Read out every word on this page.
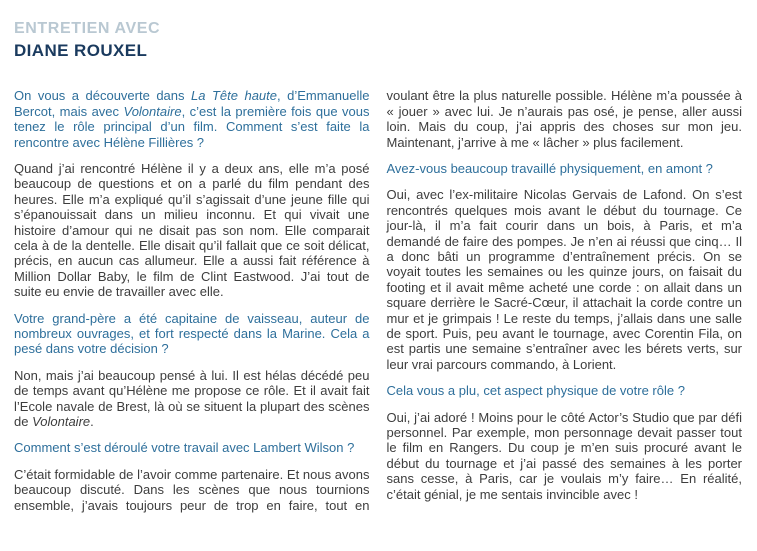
ENTRETIEN AVEC
DIANE ROUXEL

On vous a découverte dans La Tête haute, d’Emmanuelle Bercot, mais avec Volontaire, c’est la première fois que vous tenez le rôle principal d’un film. Comment s’est faite la rencontre avec Hélène Fillières ?

Quand j’ai rencontré Hélène il y a deux ans, elle m’a posé beaucoup de questions et on a parlé du film pendant des heures. Elle m’a expliqué qu’il s’agissait d’une jeune fille qui s’épanouissait dans un milieu inconnu. Et qui vivait une histoire d’amour qui ne disait pas son nom. Elle comparait cela à de la dentelle. Elle disait qu’il fallait que ce soit délicat, précis, en aucun cas allumeur. Elle a aussi fait référence à Million Dollar Baby, le film de Clint Eastwood. J’ai tout de suite eu envie de travailler avec elle.

Votre grand-père a été capitaine de vaisseau, auteur de nombreux ouvrages, et fort respecté dans la Marine. Cela a pesé dans votre décision ?

Non, mais j’ai beaucoup pensé à lui. Il est hélas décédé peu de temps avant qu’Hélène me propose ce rôle. Et il avait fait l’Ecole navale de Brest, là où se situent la plupart des scènes de Volontaire.

Comment s’est déroulé votre travail avec Lambert Wilson ?

C’était formidable de l’avoir comme partenaire. Et nous avons beaucoup discuté. Dans les scènes que nous tournions ensemble, j’avais toujours peur de trop en faire, tout en

voulant être la plus naturelle possible. Hélène m’a poussée à « jouer » avec lui. Je n’aurais pas osé, je pense, aller aussi loin. Mais du coup, j’ai appris des choses sur mon jeu. Maintenant, j’arrive à me « lâcher » plus facilement.

Avez-vous beaucoup travaillé physiquement, en amont ?

Oui, avec l’ex-militaire Nicolas Gervais de Lafond. On s’est rencontrés quelques mois avant le début du tournage. Ce jour-là, il m’a fait courir dans un bois, à Paris, et m’a demandé de faire des pompes. Je n’en ai réussi que cinq… Il a donc bâti un programme d’entraînement précis. On se voyait toutes les semaines ou les quinze jours, on faisait du footing et il avait même acheté une corde : on allait dans un square derrière le Sacré-Cœur, il attachait la corde contre un mur et je grimpais ! Le reste du temps, j’allais dans une salle de sport. Puis, peu avant le tournage, avec Corentin Fila, on est partis une semaine s’entraîner avec les bérets verts, sur leur vrai parcours commando, à Lorient.

Cela vous a plu, cet aspect physique de votre rôle ?

Oui, j’ai adoré ! Moins pour le côté Actor’s Studio que par défi personnel. Par exemple, mon personnage devait passer tout le film en Rangers. Du coup je m’en suis procuré avant le début du tournage et j’ai passé des semaines à les porter sans cesse, à Paris, car je voulais m’y faire… En réalité, c’était génial, je me sentais invincible avec !
